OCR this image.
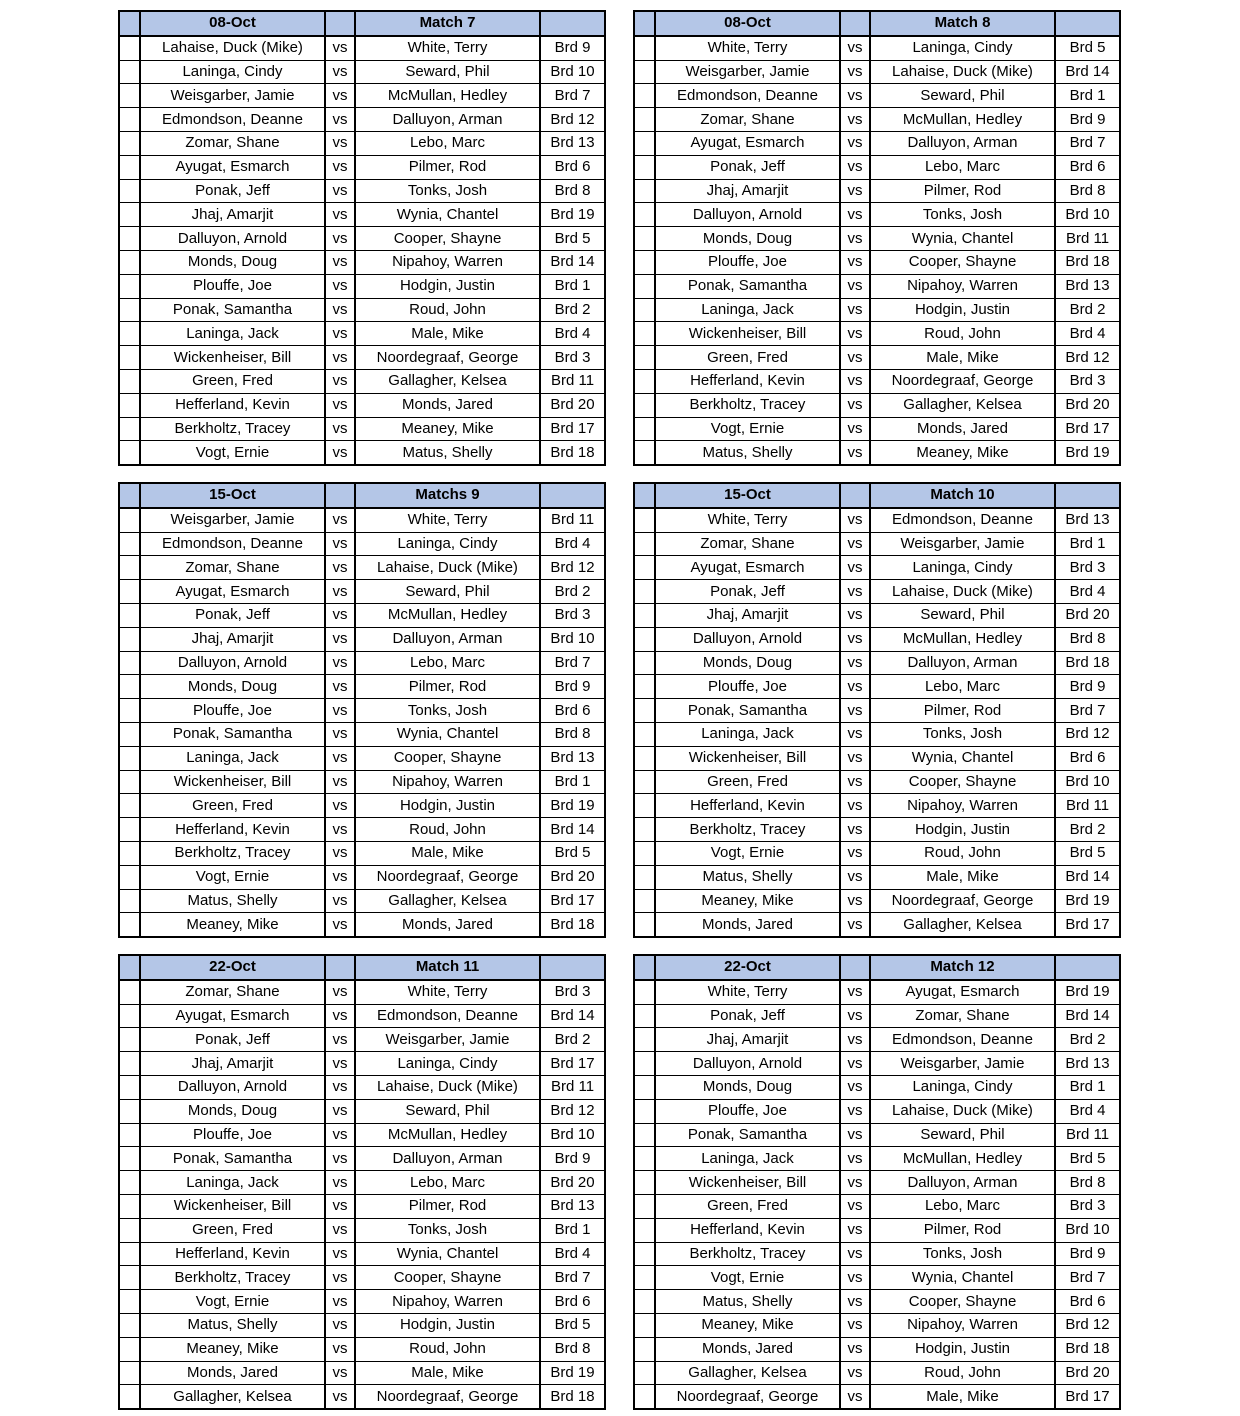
	08-Oct		Match 7	
	Lahaise, Duck (Mike)	vs	White, Terry	Brd 9
	Laninga, Cindy	vs	Seward, Phil	Brd 10
	Weisgarber, Jamie	vs	McMullan, Hedley	Brd 7
	Edmondson, Deanne	vs	Dalluyon, Arman	Brd 12
	Zomar, Shane	vs	Lebo, Marc	Brd 13
	Ayugat, Esmarch	vs	Pilmer, Rod	Brd 6
	Ponak, Jeff	vs	Tonks, Josh	Brd 8
	Jhaj, Amarjit	vs	Wynia, Chantel	Brd 19
	Dalluyon, Arnold	vs	Cooper, Shayne	Brd 5
	Monds, Doug	vs	Nipahoy, Warren	Brd 14
	Plouffe, Joe	vs	Hodgin, Justin	Brd 1
	Ponak, Samantha	vs	Roud, John	Brd 2
	Laninga, Jack	vs	Male, Mike	Brd 4
	Wickenheiser, Bill	vs	Noordegraaf, George	Brd 3
	Green, Fred	vs	Gallagher, Kelsea	Brd 11
	Hefferland, Kevin	vs	Monds, Jared	Brd 20
	Berkholtz, Tracey	vs	Meaney, Mike	Brd 17
	Vogt, Ernie	vs	Matus, Shelly	Brd 18
	08-Oct		Match 8	
	White, Terry	vs	Laninga, Cindy	Brd 5
	Weisgarber, Jamie	vs	Lahaise, Duck (Mike)	Brd 14
	Edmondson, Deanne	vs	Seward, Phil	Brd 1
	Zomar, Shane	vs	McMullan, Hedley	Brd 9
	Ayugat, Esmarch	vs	Dalluyon, Arman	Brd 7
	Ponak, Jeff	vs	Lebo, Marc	Brd 6
	Jhaj, Amarjit	vs	Pilmer, Rod	Brd 8
	Dalluyon, Arnold	vs	Tonks, Josh	Brd 10
	Monds, Doug	vs	Wynia, Chantel	Brd 11
	Plouffe, Joe	vs	Cooper, Shayne	Brd 18
	Ponak, Samantha	vs	Nipahoy, Warren	Brd 13
	Laninga, Jack	vs	Hodgin, Justin	Brd 2
	Wickenheiser, Bill	vs	Roud, John	Brd 4
	Green, Fred	vs	Male, Mike	Brd 12
	Hefferland, Kevin	vs	Noordegraaf, George	Brd 3
	Berkholtz, Tracey	vs	Gallagher, Kelsea	Brd 20
	Vogt, Ernie	vs	Monds, Jared	Brd 17
	Matus, Shelly	vs	Meaney, Mike	Brd 19
	15-Oct		Matchs 9	
	Weisgarber, Jamie	vs	White, Terry	Brd 11
	Edmondson, Deanne	vs	Laninga, Cindy	Brd 4
	Zomar, Shane	vs	Lahaise, Duck (Mike)	Brd 12
	Ayugat, Esmarch	vs	Seward, Phil	Brd 2
	Ponak, Jeff	vs	McMullan, Hedley	Brd 3
	Jhaj, Amarjit	vs	Dalluyon, Arman	Brd 10
	Dalluyon, Arnold	vs	Lebo, Marc	Brd 7
	Monds, Doug	vs	Pilmer, Rod	Brd 9
	Plouffe, Joe	vs	Tonks, Josh	Brd 6
	Ponak, Samantha	vs	Wynia, Chantel	Brd 8
	Laninga, Jack	vs	Cooper, Shayne	Brd 13
	Wickenheiser, Bill	vs	Nipahoy, Warren	Brd 1
	Green, Fred	vs	Hodgin, Justin	Brd 19
	Hefferland, Kevin	vs	Roud, John	Brd 14
	Berkholtz, Tracey	vs	Male, Mike	Brd 5
	Vogt, Ernie	vs	Noordegraaf, George	Brd 20
	Matus, Shelly	vs	Gallagher, Kelsea	Brd 17
	Meaney, Mike	vs	Monds, Jared	Brd 18
	15-Oct		Match 10	
	White, Terry	vs	Edmondson, Deanne	Brd 13
	Zomar, Shane	vs	Weisgarber, Jamie	Brd 1
	Ayugat, Esmarch	vs	Laninga, Cindy	Brd 3
	Ponak, Jeff	vs	Lahaise, Duck (Mike)	Brd 4
	Jhaj, Amarjit	vs	Seward, Phil	Brd 20
	Dalluyon, Arnold	vs	McMullan, Hedley	Brd 8
	Monds, Doug	vs	Dalluyon, Arman	Brd 18
	Plouffe, Joe	vs	Lebo, Marc	Brd 9
	Ponak, Samantha	vs	Pilmer, Rod	Brd 7
	Laninga, Jack	vs	Tonks, Josh	Brd 12
	Wickenheiser, Bill	vs	Wynia, Chantel	Brd 6
	Green, Fred	vs	Cooper, Shayne	Brd 10
	Hefferland, Kevin	vs	Nipahoy, Warren	Brd 11
	Berkholtz, Tracey	vs	Hodgin, Justin	Brd 2
	Vogt, Ernie	vs	Roud, John	Brd 5
	Matus, Shelly	vs	Male, Mike	Brd 14
	Meaney, Mike	vs	Noordegraaf, George	Brd 19
	Monds, Jared	vs	Gallagher, Kelsea	Brd 17
	22-Oct		Match 11	
	Zomar, Shane	vs	White, Terry	Brd 3
	Ayugat, Esmarch	vs	Edmondson, Deanne	Brd 14
	Ponak, Jeff	vs	Weisgarber, Jamie	Brd 2
	Jhaj, Amarjit	vs	Laninga, Cindy	Brd 17
	Dalluyon, Arnold	vs	Lahaise, Duck (Mike)	Brd 11
	Monds, Doug	vs	Seward, Phil	Brd 12
	Plouffe, Joe	vs	McMullan, Hedley	Brd 10
	Ponak, Samantha	vs	Dalluyon, Arman	Brd 9
	Laninga, Jack	vs	Lebo, Marc	Brd 20
	Wickenheiser, Bill	vs	Pilmer, Rod	Brd 13
	Green, Fred	vs	Tonks, Josh	Brd 1
	Hefferland, Kevin	vs	Wynia, Chantel	Brd 4
	Berkholtz, Tracey	vs	Cooper, Shayne	Brd 7
	Vogt, Ernie	vs	Nipahoy, Warren	Brd 6
	Matus, Shelly	vs	Hodgin, Justin	Brd 5
	Meaney, Mike	vs	Roud, John	Brd 8
	Monds, Jared	vs	Male, Mike	Brd 19
	Gallagher, Kelsea	vs	Noordegraaf, George	Brd 18
	22-Oct		Match 12	
	White, Terry	vs	Ayugat, Esmarch	Brd 19
	Ponak, Jeff	vs	Zomar, Shane	Brd 14
	Jhaj, Amarjit	vs	Edmondson, Deanne	Brd 2
	Dalluyon, Arnold	vs	Weisgarber, Jamie	Brd 13
	Monds, Doug	vs	Laninga, Cindy	Brd 1
	Plouffe, Joe	vs	Lahaise, Duck (Mike)	Brd 4
	Ponak, Samantha	vs	Seward, Phil	Brd 11
	Laninga, Jack	vs	McMullan, Hedley	Brd 5
	Wickenheiser, Bill	vs	Dalluyon, Arman	Brd 8
	Green, Fred	vs	Lebo, Marc	Brd 3
	Hefferland, Kevin	vs	Pilmer, Rod	Brd 10
	Berkholtz, Tracey	vs	Tonks, Josh	Brd 9
	Vogt, Ernie	vs	Wynia, Chantel	Brd 7
	Matus, Shelly	vs	Cooper, Shayne	Brd 6
	Meaney, Mike	vs	Nipahoy, Warren	Brd 12
	Monds, Jared	vs	Hodgin, Justin	Brd 18
	Gallagher, Kelsea	vs	Roud, John	Brd 20
	Noordegraaf, George	vs	Male, Mike	Brd 17
